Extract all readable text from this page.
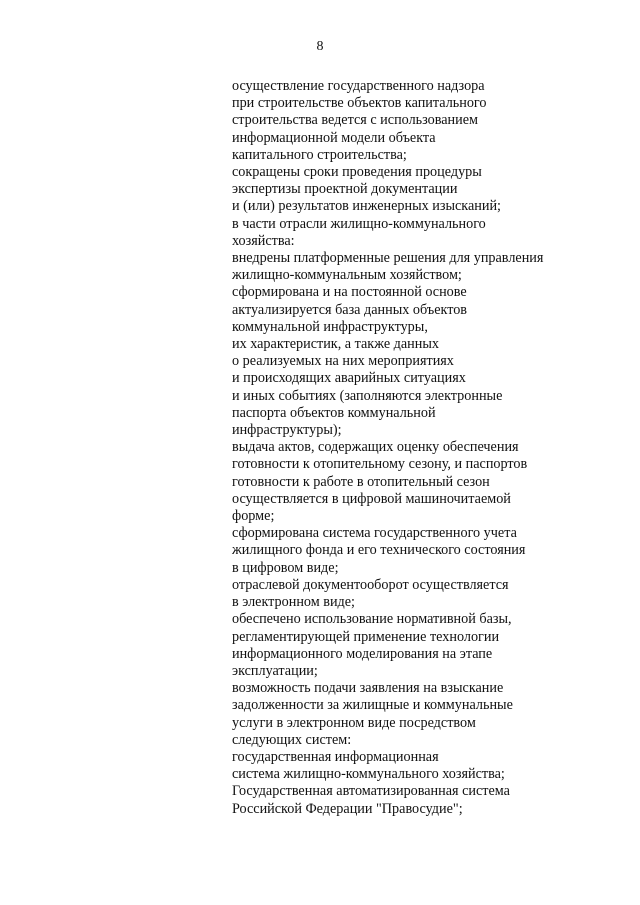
8
осуществление государственного надзора
при строительстве объектов капитального
строительства ведется с использованием
информационной модели объекта
капитального строительства;
сокращены сроки проведения процедуры
экспертизы проектной документации
и (или) результатов инженерных изысканий;
в части отрасли жилищно-коммунального
хозяйства:
внедрены платформенные решения для управления
жилищно-коммунальным хозяйством;
сформирована и на постоянной основе
актуализируется база данных объектов
коммунальной инфраструктуры,
их характеристик, а также данных
о реализуемых на них мероприятиях
и происходящих аварийных ситуациях
и иных событиях (заполняются электронные
паспорта объектов коммунальной
инфраструктуры);
выдача актов, содержащих оценку обеспечения
готовности к отопительному сезону, и паспортов
готовности к работе в отопительный сезон
осуществляется в цифровой машиночитаемой
форме;
сформирована система государственного учета
жилищного фонда и его технического состояния
в цифровом виде;
отраслевой документооборот осуществляется
в электронном виде;
обеспечено использование нормативной базы,
регламентирующей применение технологии
информационного моделирования на этапе
эксплуатации;
возможность подачи заявления на взыскание
задолженности за жилищные и коммунальные
услуги в электронном виде посредством
следующих систем:
государственная информационная
система жилищно-коммунального хозяйства;
Государственная автоматизированная система
Российской Федерации "Правосудие";
